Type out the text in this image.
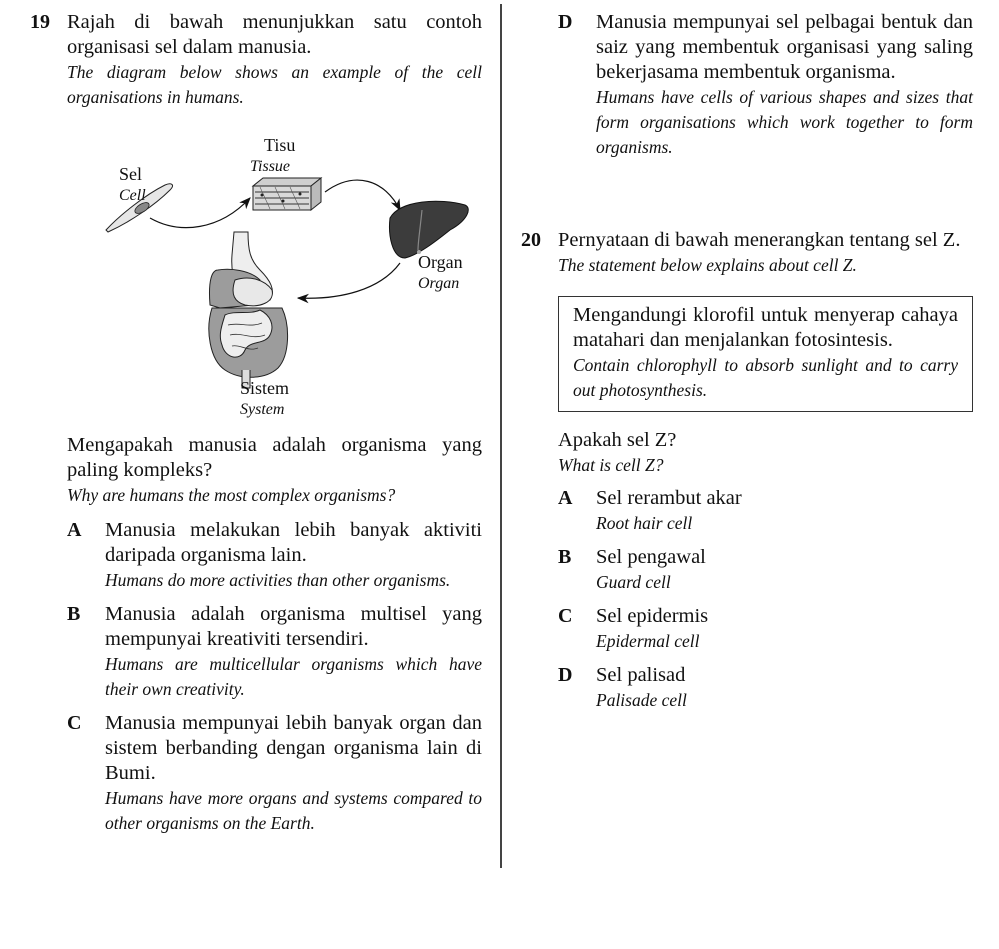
19 Rajah di bawah menunjukkan satu contoh organisasi sel dalam manusia.

The diagram below shows an example of the cell organisations in humans.

Sel
Cell
Tisu
Tissue
Organ
Organ
Sistem
System

Mengapakah manusia adalah organisma yang paling kompleks?

Why are humans the most complex organisms?

A Manusia melakukan lebih banyak aktiviti daripada organisma lain.

Humans do more activities than other organisms.

B Manusia adalah organisma multisel yang mempunyai kreativiti tersendiri.

Humans are multicellular organisms which have their own creativity.

C Manusia mempunyai lebih banyak organ dan sistem berbanding dengan organisma lain di Bumi.

Humans have more organs and systems compared to other organisms on the Earth.

D Manusia mempunyai sel pelbagai bentuk dan saiz yang membentuk organisasi yang saling bekerjasama membentuk organisma.

Humans have cells of various shapes and sizes that form organisations which work together to form organisms.

20 Pernyataan di bawah menerangkan tentang sel Z.

The statement below explains about cell Z.

Mengandungi klorofil untuk menyerap cahaya matahari dan menjalankan fotosintesis.

Contain chlorophyll to absorb sunlight and to carry out photosynthesis.

Apakah sel Z?

What is cell Z?

A Sel rerambut akar

Root hair cell

B Sel pengawal

Guard cell

C Sel epidermis

Epidermal cell

D Sel palisad

Palisade cell
